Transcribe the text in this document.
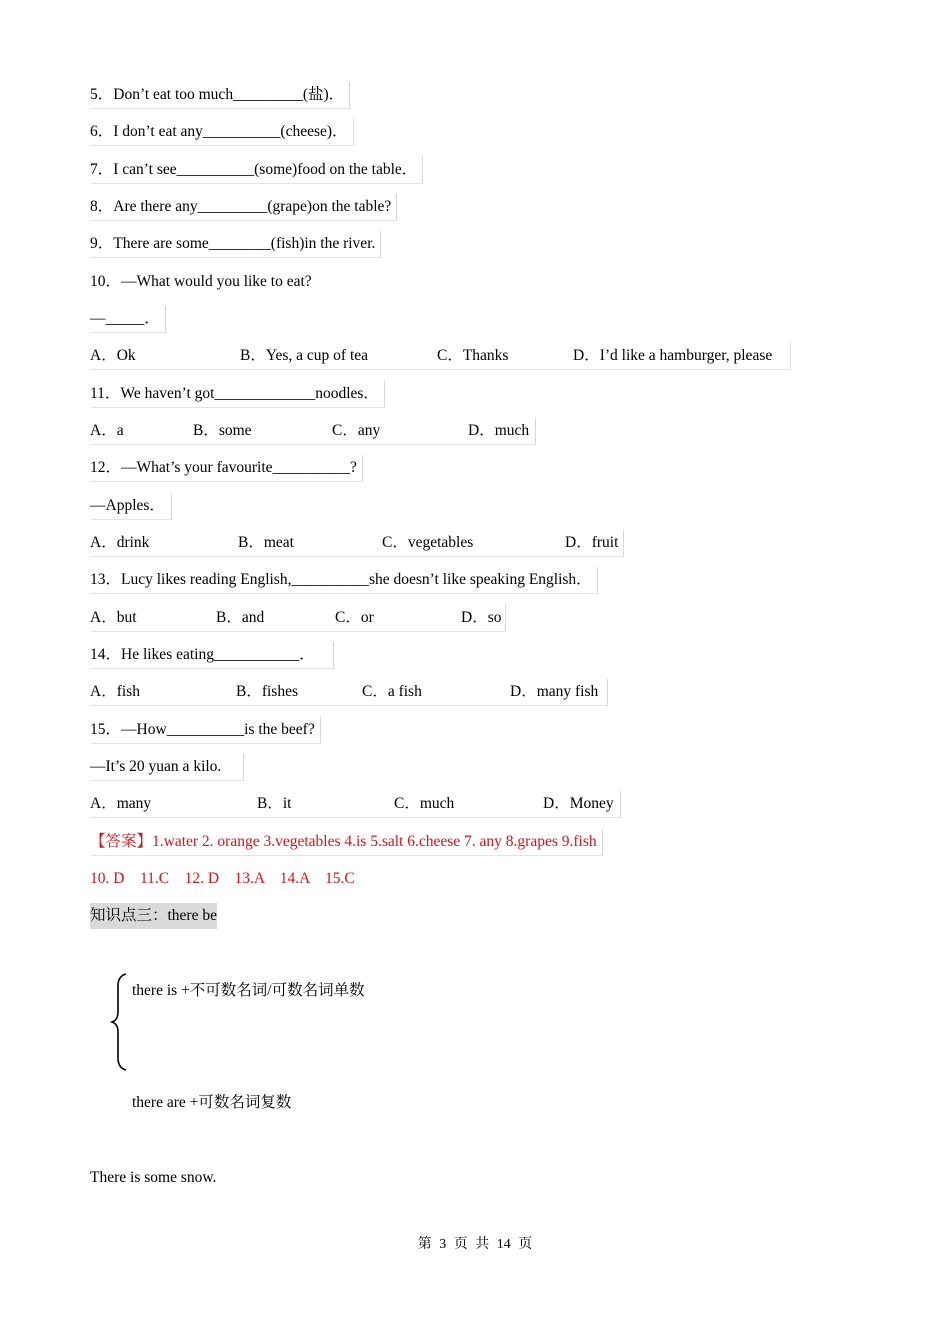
5．Don’t eat too much_________(盐)．
6．I don’t eat any__________(cheese)．
7．I can’t see__________(some)food on the table．
8．Are there any_________(grape)on the table?
9．There are some________(fish)in the river.
10．—What would you like to eat?
—_____．
A．Ok	B．Yes, a cup of tea	C．Thanks	D．I’d like a hamburger, please
11．We haven’t got_____________noodles．
A．a	B．some	C．any	D．much
12．—What’s your favourite__________?
—Apples．
A．drink	B．meat	C．vegetables	D．fruit
13．Lucy likes reading English,__________she doesn’t like speaking English．
A．but	B．and	C．or	D．so
14．He likes eating___________．
A．fish	B．fishes	C．a fish	D．many fish
15．—How__________is the beef?
—It’s 20 yuan a kilo.
A．many	B．it	C．much	D．Money
【答案】1.water 2. orange 3.vegetables 4.is 5.salt 6.cheese 7. any 8.grapes 9.fish
10. D    11.C    12. D    13.A    14.A    15.C
知识点三：there be
there is +不可数名词/可数名词单数
there are +可数名词复数
There is some snow.
第 3 页 共 14 页
